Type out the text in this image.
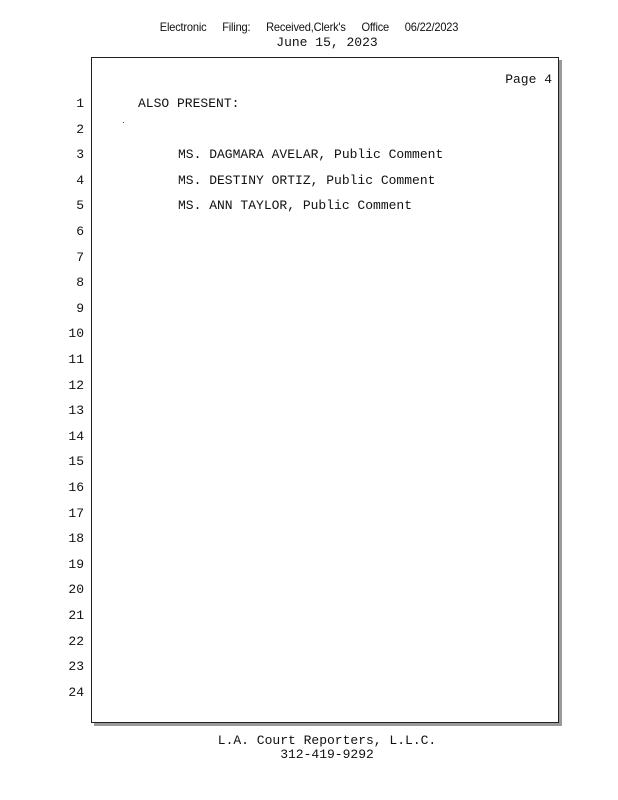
Electronic Filing: Received,Clerk's Office 06/22/2023
June 15, 2023
Page 4
1
2
3
4
5
6
7
8
9
10
11
12
13
14
15
16
17
18
19
20
21
22
23
24
ALSO PRESENT:
MS. DAGMARA AVELAR, Public Comment
MS. DESTINY ORTIZ, Public Comment
MS. ANN TAYLOR, Public Comment
L.A. Court Reporters, L.L.C.
312-419-9292
